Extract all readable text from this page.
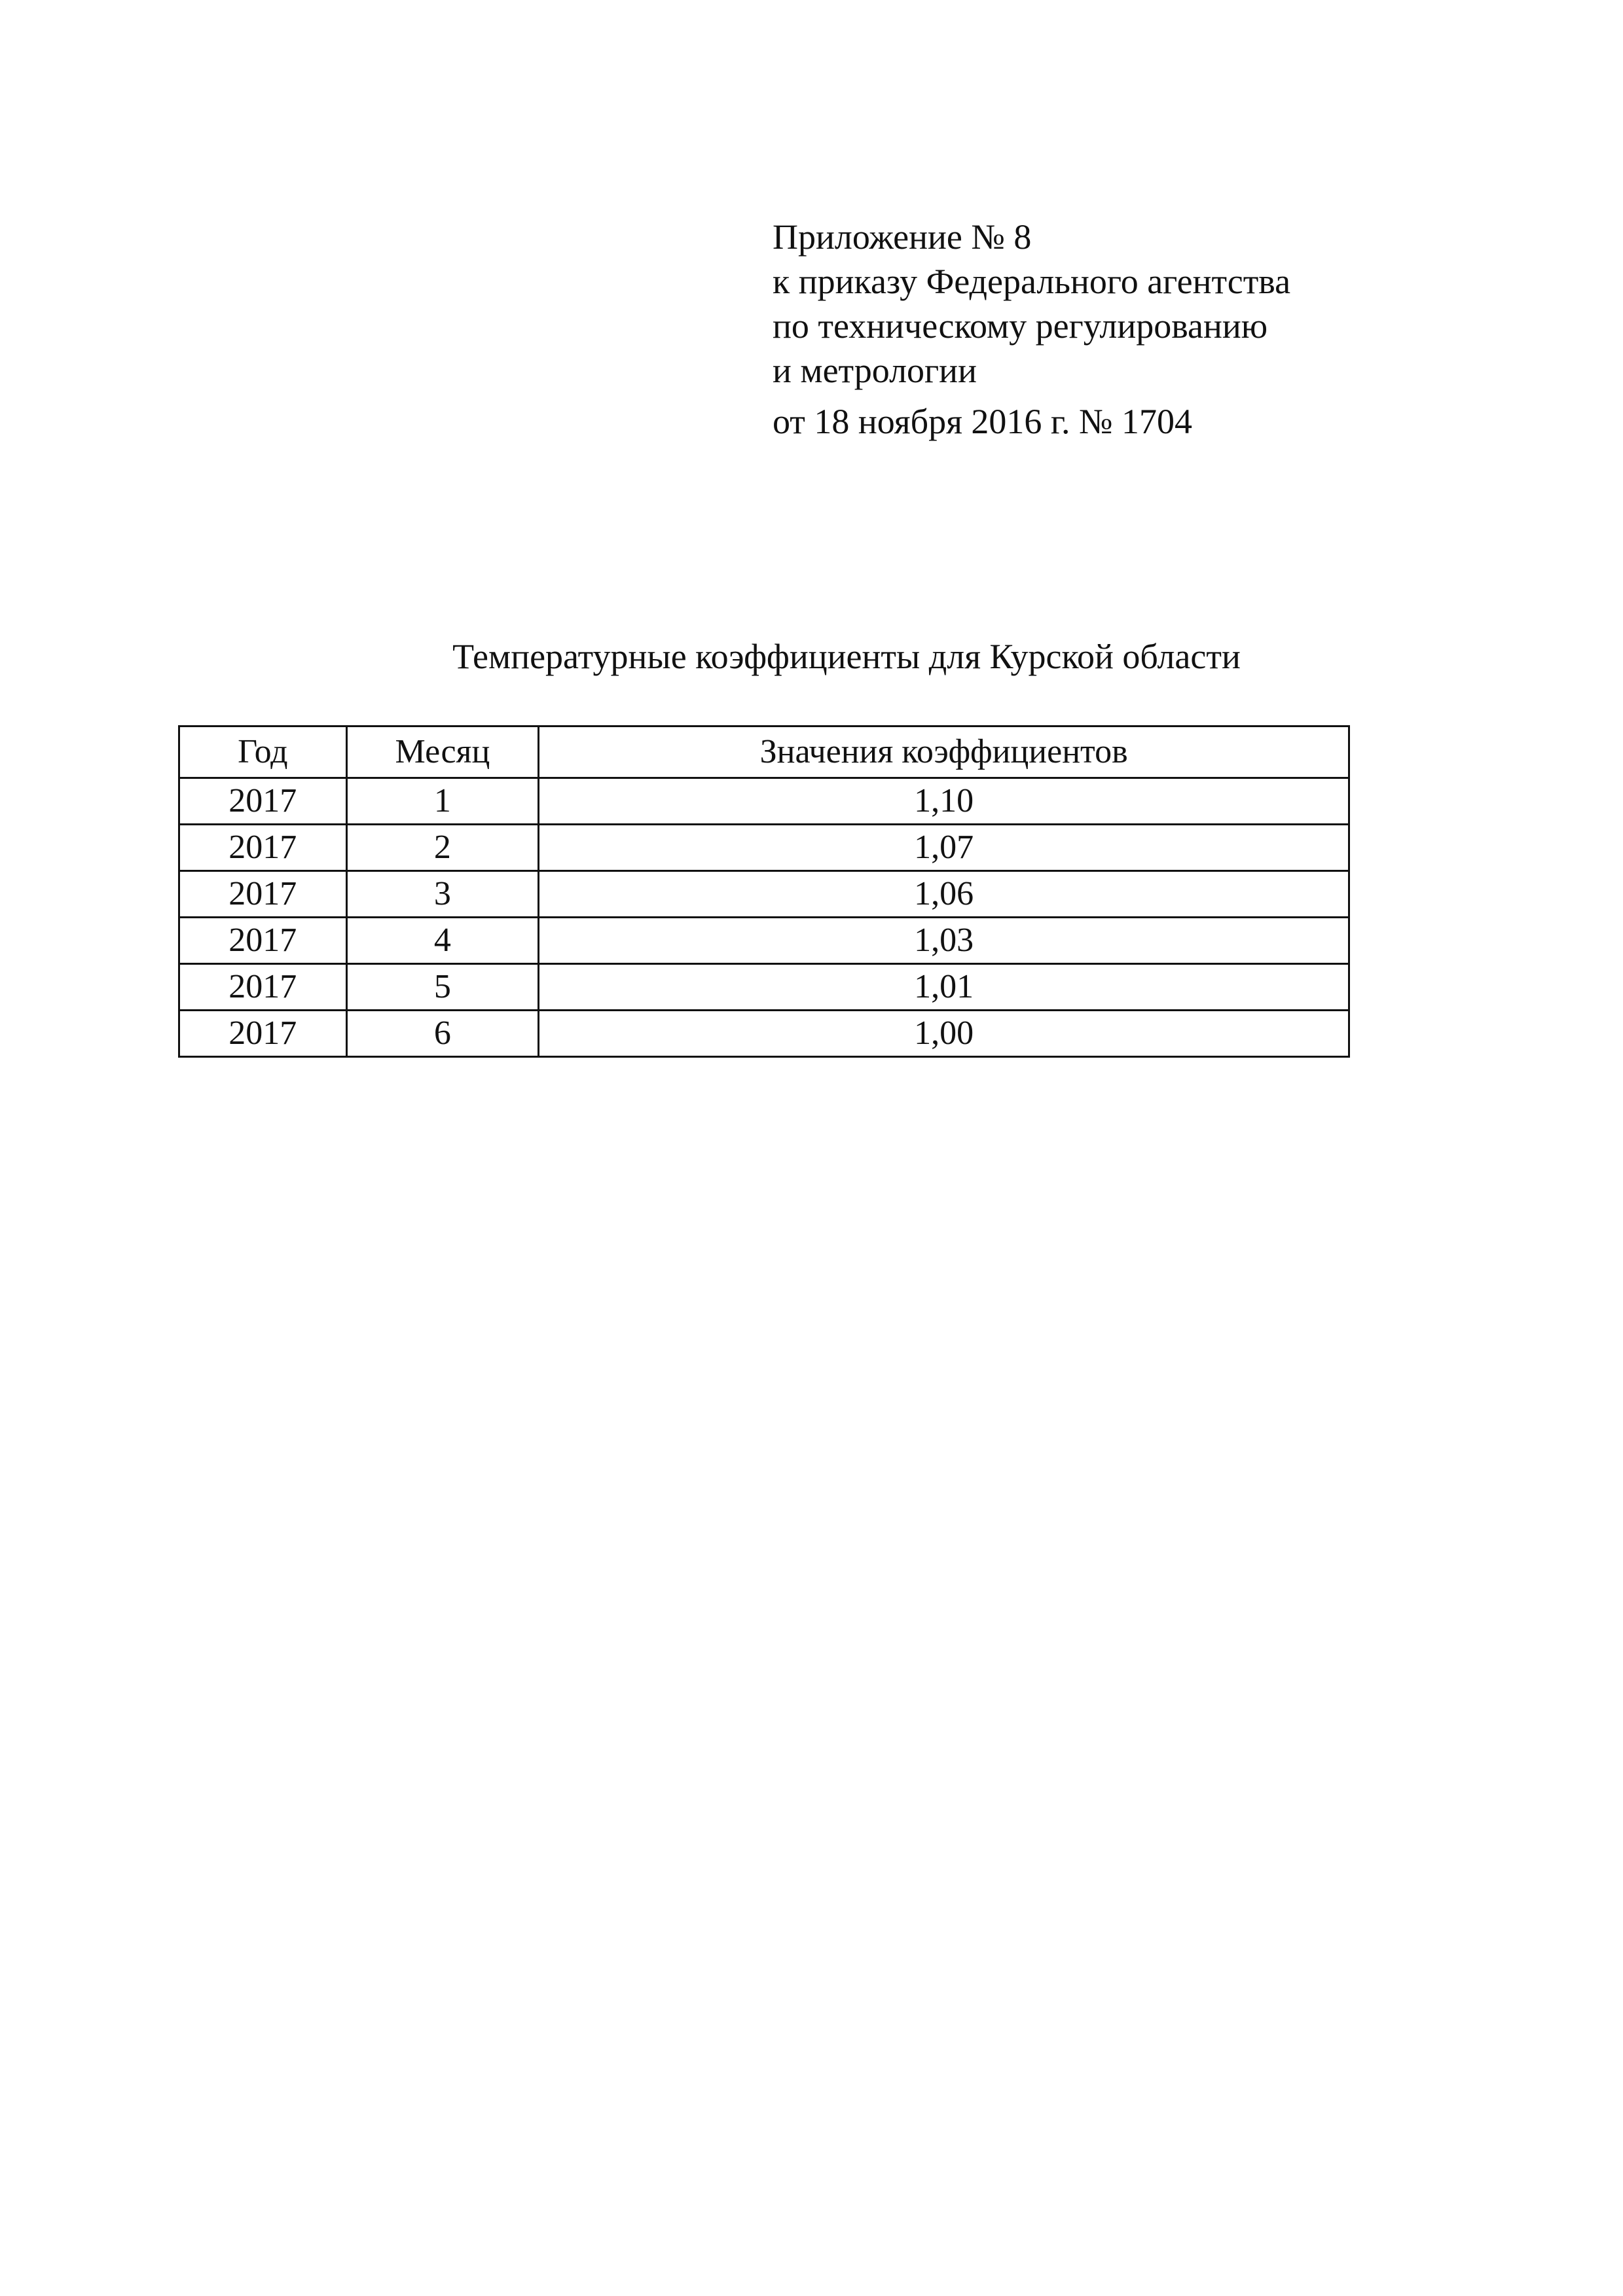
Приложение № 8
к приказу Федерального агентства
по техническому регулированию
и метрологии
от 18 ноября 2016 г. № 1704
Температурные коэффициенты для Курской области
Год	Месяц	Значения коэффициентов
2017	1	1,10
2017	2	1,07
2017	3	1,06
2017	4	1,03
2017	5	1,01
2017	6	1,00
